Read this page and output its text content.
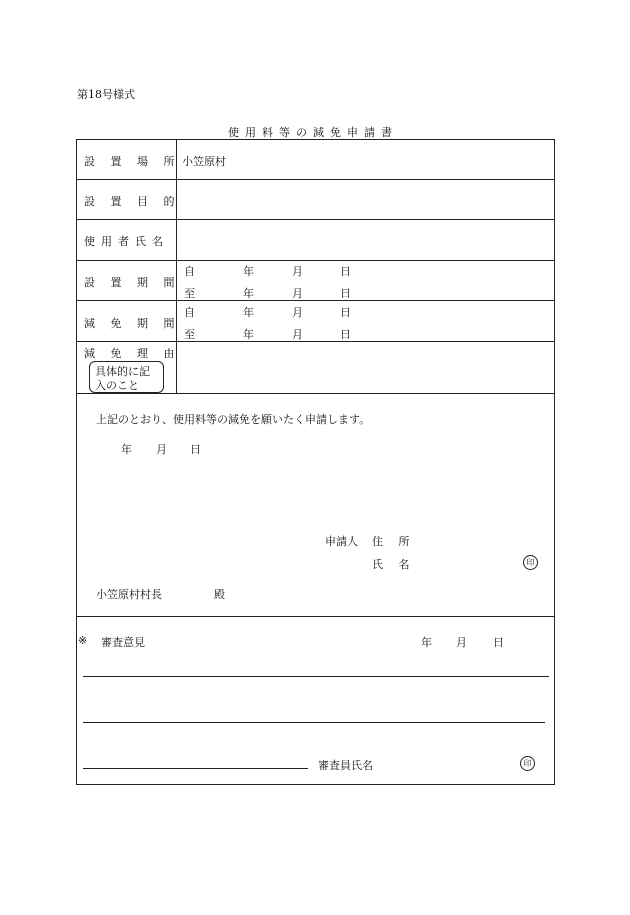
第18号様式
使用料等の減免申請書
設 置 場 所 小笠原村
設 置 目 的
使用者氏名
設 置 期 間
自	年	月	日
至	年	月	日
減 免 期 間
自	年	月	日
至	年	月	日
減 免 理 由
具体的に記
入のこと
上記のとおり、使用料等の減免を願いたく申請します。
年 月 日
申請人 住 所
氏 名	印
小笠原村村長	殿
※ 審査意見	年 月 日
審査員氏名	印
